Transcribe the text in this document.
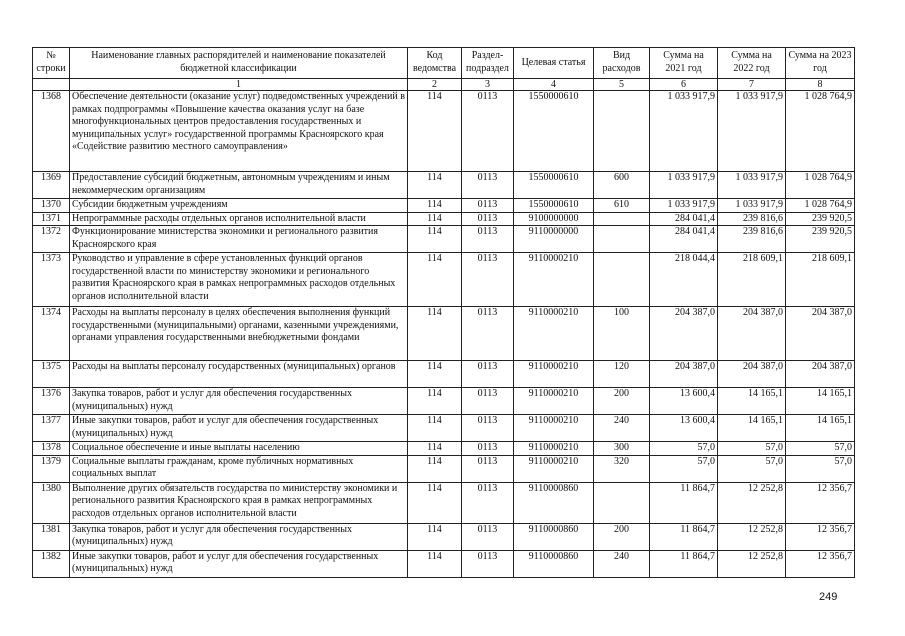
№ строки	Наименование главных распорядителей и наименование показателей бюджетной классификации	Код ведомства	Раздел-подраздел	Целевая статья	Вид расходов	Сумма на 2021 год	Сумма на 2022 год	Сумма на 2023 год
	1	2	3	4	5	6	7	8
1368	Обеспечение деятельности (оказание услуг) подведомственных учреждений в рамках подпрограммы «Повышение качества оказания услуг на базе многофункциональных центров предоставления государственных и муниципальных услуг» государственной программы Красноярского края «Содействие развитию местного самоуправления»	114	0113	1550000610		1 033 917,9	1 033 917,9	1 028 764,9
1369	Предоставление субсидий бюджетным, автономным учреждениям и иным некоммерческим организациям	114	0113	1550000610	600	1 033 917,9	1 033 917,9	1 028 764,9
1370	Субсидии бюджетным учреждениям	114	0113	1550000610	610	1 033 917,9	1 033 917,9	1 028 764,9
1371	Непрограммные расходы отдельных органов исполнительной власти	114	0113	9100000000		284 041,4	239 816,6	239 920,5
1372	Функционирование министерства экономики и регионального развития Красноярского края	114	0113	9110000000		284 041,4	239 816,6	239 920,5
1373	Руководство и управление в сфере установленных функций органов государственной власти по министерству экономики и регионального развития Красноярского края в рамках непрограммных расходов отдельных органов исполнительной власти	114	0113	9110000210		218 044,4	218 609,1	218 609,1
1374	Расходы на выплаты персоналу в целях обеспечения выполнения функций государственными (муниципальными) органами, казенными учреждениями, органами управления государственными внебюджетными фондами	114	0113	9110000210	100	204 387,0	204 387,0	204 387,0
1375	Расходы на выплаты персоналу государственных (муниципальных) органов	114	0113	9110000210	120	204 387,0	204 387,0	204 387,0
1376	Закупка товаров, работ и услуг для обеспечения государственных (муниципальных) нужд	114	0113	9110000210	200	13 600,4	14 165,1	14 165,1
1377	Иные закупки товаров, работ и услуг для обеспечения государственных (муниципальных) нужд	114	0113	9110000210	240	13 600,4	14 165,1	14 165,1
1378	Социальное обеспечение и иные выплаты населению	114	0113	9110000210	300	57,0	57,0	57,0
1379	Социальные выплаты гражданам, кроме публичных нормативных социальных выплат	114	0113	9110000210	320	57,0	57,0	57,0
1380	Выполнение других обязательств государства по министерству экономики и регионального развития Красноярского края в рамках непрограммных расходов отдельных органов исполнительной власти	114	0113	9110000860		11 864,7	12 252,8	12 356,7
1381	Закупка товаров, работ и услуг для обеспечения государственных (муниципальных) нужд	114	0113	9110000860	200	11 864,7	12 252,8	12 356,7
1382	Иные закупки товаров, работ и услуг для обеспечения государственных (муниципальных) нужд	114	0113	9110000860	240	11 864,7	12 252,8	12 356,7
249
